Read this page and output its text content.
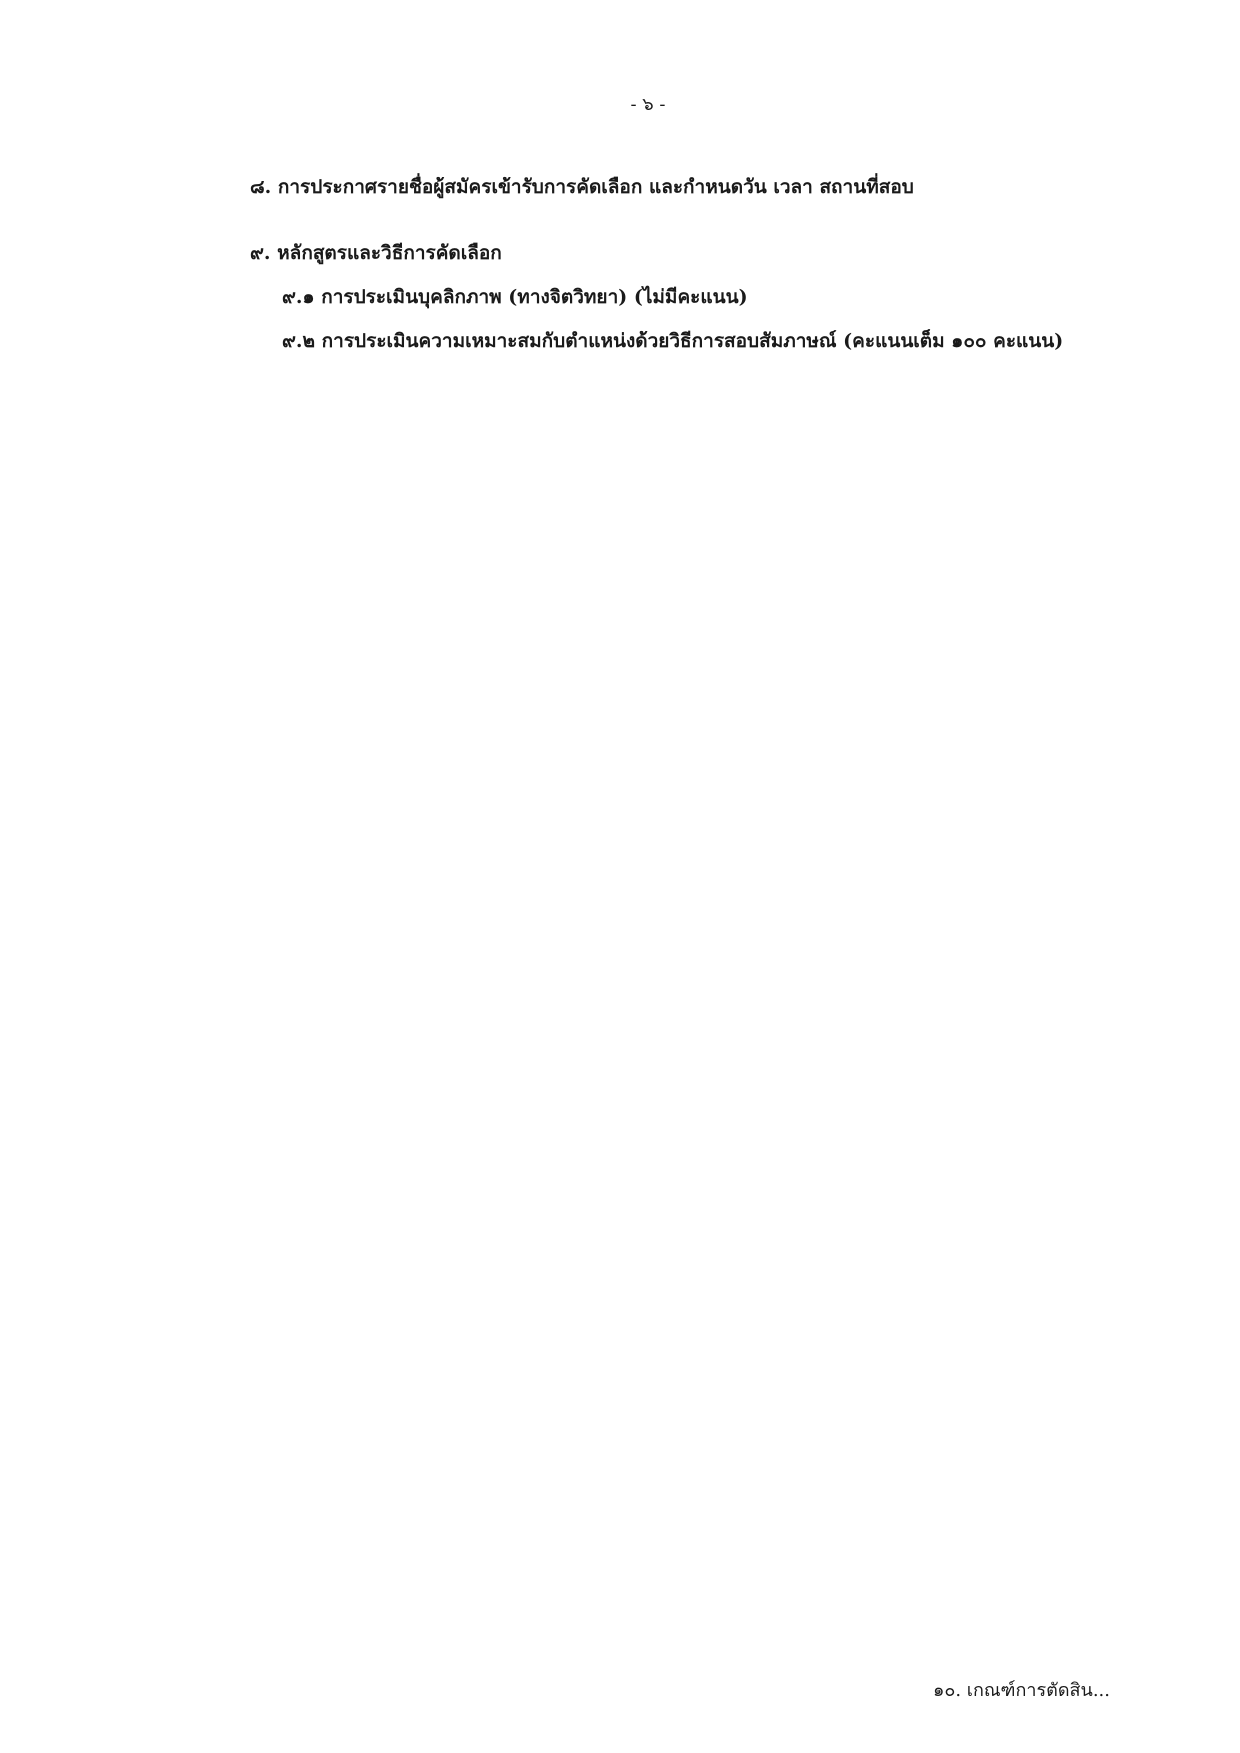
- ๖ -
๘. การประกาศรายชื่อผู้สมัครเข้ารับการคัดเลือก และกำหนดวัน เวลา สถานที่สอบ
๙. หลักสูตรและวิธีการคัดเลือก
๙.๑ การประเมินบุคลิกภาพ (ทางจิตวิทยา) (ไม่มีคะแนน)
๙.๒ การประเมินความเหมาะสมกับตำแหน่งด้วยวิธีการสอบสัมภาษณ์ (คะแนนเต็ม ๑๐๐ คะแนน)
๑๐. เกณฑ์การตัดสิน...
